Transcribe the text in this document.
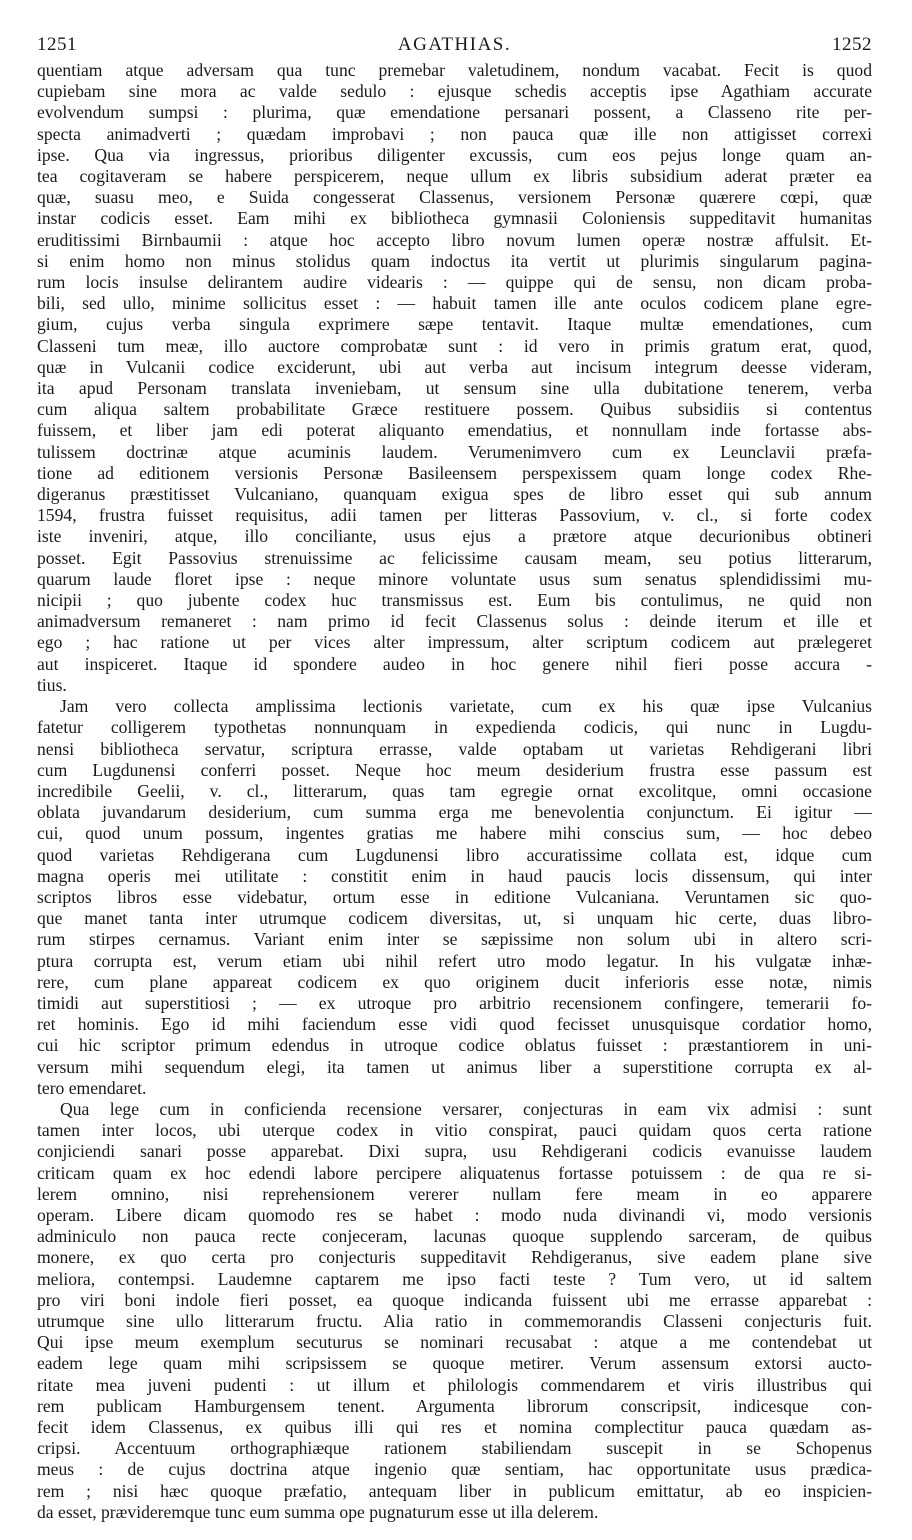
1251	AGATHIAS.	1252
quentiam atque adversam qua tunc premebar valetudinem, nondum vacabat. Fecit is quod
cupiebam sine mora ac valde sedulo : ejusque schedis acceptis ipse Agathiam accurate
evolvendum sumpsi : plurima, quæ emendatione persanari possent, a Classeno rite per-
specta animadverti ; quædam improbavi ; non pauca quæ ille non attigisset correxi
ipse. Qua via ingressus, prioribus diligenter excussis, cum eos pejus longe quam an-
tea cogitaveram se habere perspicerem, neque ullum ex libris subsidium aderat præter ea
quæ, suasu meo, e Suida congesserat Classenus, versionem Personæ quærere cœpi, quæ
instar codicis esset. Eam mihi ex bibliotheca gymnasii Coloniensis suppeditavit humanitas
eruditissimi Birnbaumii : atque hoc accepto libro novum lumen operæ nostræ affulsit. Et-
si enim homo non minus stolidus quam indoctus ita vertit ut plurimis singularum pagina-
rum locis insulse delirantem audire videaris : — quippe qui de sensu, non dicam proba-
bili, sed ullo, minime sollicitus esset : — habuit tamen ille ante oculos codicem plane egre-
gium, cujus verba singula exprimere sæpe tentavit. Itaque multæ emendationes, cum
Classeni tum meæ, illo auctore comprobatæ sunt : id vero in primis gratum erat, quod,
quæ in Vulcanii codice exciderunt, ubi aut verba aut incisum integrum deesse videram,
ita apud Personam translata inveniebam, ut sensum sine ulla dubitatione tenerem, verba
cum aliqua saltem probabilitate Græce restituere possem. Quibus subsidiis si contentus
fuissem, et liber jam edi poterat aliquanto emendatius, et nonnullam inde fortasse abs-
tulissem doctrinæ atque acuminis laudem. Verumenimvero cum ex Leunclavii præfa-
tione ad editionem versionis Personæ Basileensem perspexissem quam longe codex Rhe-
digeranus præstitisset Vulcaniano, quanquam exigua spes de libro esset qui sub annum
1594, frustra fuisset requisitus, adii tamen per litteras Passovium, v. cl., si forte codex
iste inveniri, atque, illo conciliante, usus ejus a prætore atque decurionibus obtineri
posset. Egit Passovius strenuissime ac felicissime causam meam, seu potius litterarum,
quarum laude floret ipse : neque minore voluntate usus sum senatus splendidissimi mu-
nicipii ; quo jubente codex huc transmissus est. Eum bis contulimus, ne quid non
animadversum remaneret : nam primo id fecit Classenus solus : deinde iterum et ille et
ego ; hac ratione ut per vices alter impressum, alter scriptum codicem aut prælegeret
aut inspiceret. Itaque id spondere audeo in hoc genere nihil fieri posse accura -
tius.
Jam vero collecta amplissima lectionis varietate, cum ex his quæ ipse Vulcanius
fatetur colligerem typothetas nonnunquam in expedienda codicis, qui nunc in Lugdu-
nensi bibliotheca servatur, scriptura errasse, valde optabam ut varietas Rehdigerani libri
cum Lugdunensi conferri posset. Neque hoc meum desiderium frustra esse passum est
incredibile Geelii, v. cl., litterarum, quas tam egregie ornat excolitque, omni occasione
oblata juvandarum desiderium, cum summa erga me benevolentia conjunctum. Ei igitur —
cui, quod unum possum, ingentes gratias me habere mihi conscius sum, — hoc debeo
quod varietas Rehdigerana cum Lugdunensi libro accuratissime collata est, idque cum
magna operis mei utilitate : constitit enim in haud paucis locis dissensum, qui inter
scriptos libros esse videbatur, ortum esse in editione Vulcaniana. Veruntamen sic quo-
que manet tanta inter utrumque codicem diversitas, ut, si unquam hic certe, duas libro-
rum stirpes cernamus. Variant enim inter se sæpissime non solum ubi in altero scri-
ptura corrupta est, verum etiam ubi nihil refert utro modo legatur. In his vulgatæ inhæ-
rere, cum plane appareat codicem ex quo originem ducit inferioris esse notæ, nimis
timidi aut superstitiosi ; — ex utroque pro arbitrio recensionem confingere, temerarii fo-
ret hominis. Ego id mihi faciendum esse vidi quod fecisset unusquisque cordatior homo,
cui hic scriptor primum edendus in utroque codice oblatus fuisset : præstantiorem in uni-
versum mihi sequendum elegi, ita tamen ut animus liber a superstitione corrupta ex al-
tero emendaret.
Qua lege cum in conficienda recensione versarer, conjecturas in eam vix admisi : sunt
tamen inter locos, ubi uterque codex in vitio conspirat, pauci quidam quos certa ratione
conjiciendi sanari posse apparebat. Dixi supra, usu Rehdigerani codicis evanuisse laudem
criticam quam ex hoc edendi labore percipere aliquatenus fortasse potuissem : de qua re si-
lerem omnino, nisi reprehensionem vererer nullam fere meam in eo apparere
operam. Libere dicam quomodo res se habet : modo nuda divinandi vi, modo versionis
adminiculo non pauca recte conjeceram, lacunas quoque supplendo sarceram, de quibus
monere, ex quo certa pro conjecturis suppeditavit Rehdigeranus, sive eadem plane sive
meliora, contempsi. Laudemne captarem me ipso facti teste ? Tum vero, ut id saltem
pro viri boni indole fieri posset, ea quoque indicanda fuissent ubi me errasse apparebat :
utrumque sine ullo litterarum fructu. Alia ratio in commemorandis Classeni conjecturis fuit.
Qui ipse meum exemplum secuturus se nominari recusabat : atque a me contendebat ut
eadem lege quam mihi scripsissem se quoque metirer. Verum assensum extorsi aucto-
ritate mea juveni pudenti : ut illum et philologis commendarem et viris illustribus qui
rem publicam Hamburgensem tenent. Argumenta librorum conscripsit, indicesque con-
fecit idem Classenus, ex quibus illi qui res et nomina complectitur pauca quædam as-
cripsi. Accentuum orthographiæque rationem stabiliendam suscepit in se Schopenus
meus : de cujus doctrina atque ingenio quæ sentiam, hac opportunitate usus prædica-
rem ; nisi hæc quoque præfatio, antequam liber in publicum emittatur, ab eo inspicien-
da esset, prævideremque tunc eum summa ope pugnaturum esse ut illa delerem.
